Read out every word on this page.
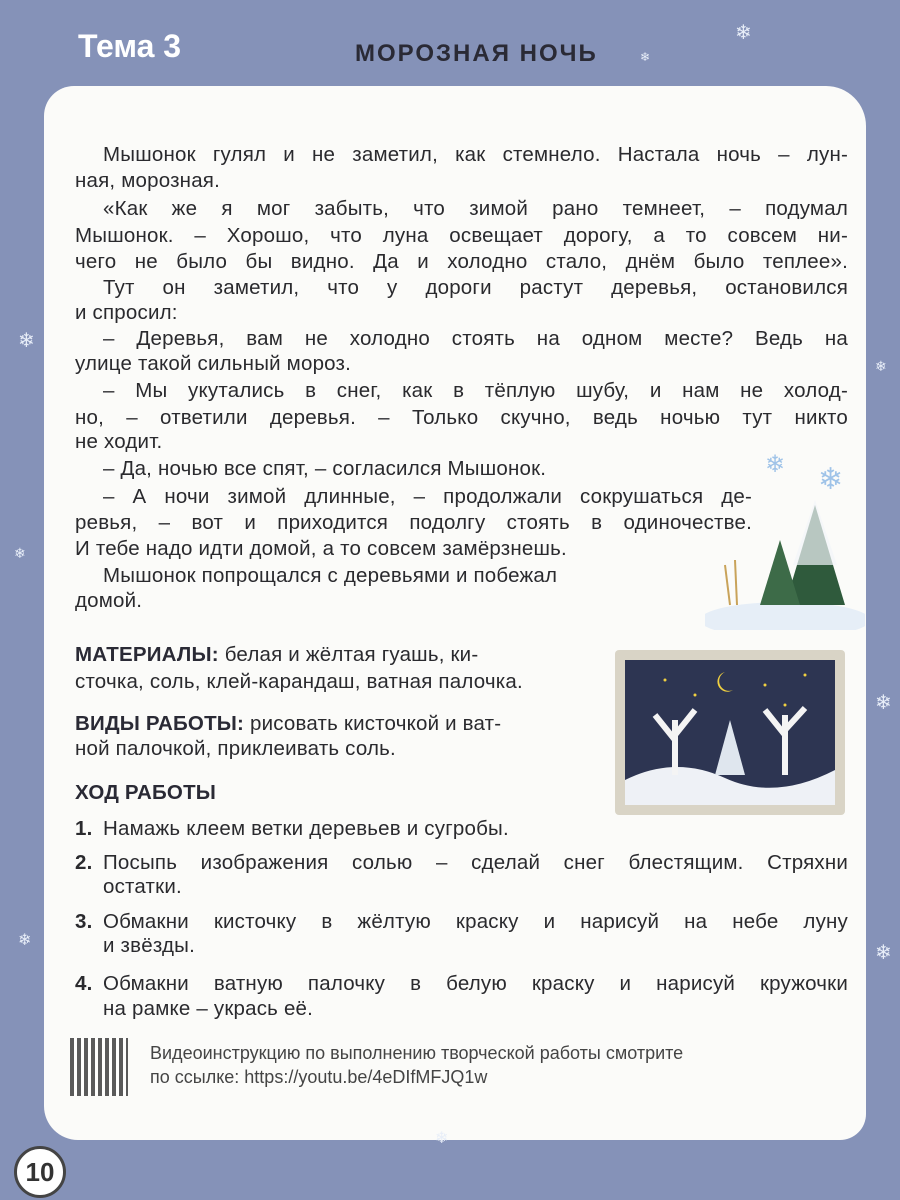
Тема 3	МОРОЗНАЯ НОЧЬ
❄
❄
❄
❄
❄
❄
❄
❄
❄
❄ ❄
Мышонок гулял и не заметил, как стемнело. Настала ночь – лун-
ная, морозная.
«Как же я мог забыть, что зимой рано темнеет, – подумал
Мышонок. – Хорошо, что луна освещает дорогу, а то совсем ни-
чего не было бы видно. Да и холодно стало, днём было теплее».
Тут он заметил, что у дороги растут деревья, остановился
и спросил:
– Деревья, вам не холодно стоять на одном месте? Ведь на
улице такой сильный мороз.
– Мы укутались в снег, как в тёплую шубу, и нам не холод-
но, – ответили деревья. – Только скучно, ведь ночью тут никто
не ходит.
– Да, ночью все спят, – согласился Мышонок.
– А ночи зимой длинные, – продолжали сокрушаться де-
ревья, – вот и приходится подолгу стоять в одиночестве.
И тебе надо идти домой, а то совсем замёрзнешь.
Мышонок попрощался с деревьями и побежал
домой.
МАТЕРИАЛЫ: белая и жёлтая гуашь, ки-
сточка, соль, клей-карандаш, ватная палочка.
ВИДЫ РАБОТЫ: рисовать кисточкой и ват-
ной палочкой, приклеивать соль.
ХОД РАБОТЫ
1. Намажь клеем ветки деревьев и сугробы.
2. Посыпь изображения солью – сделай снег блестящим. Стряхни
остатки.
3. Обмакни кисточку в жёлтую краску и нарисуй на небе луну
и звёзды.
4. Обмакни ватную палочку в белую краску и нарисуй кружочки
на рамке – укрась её.
Видеоинструкцию по выполнению творческой работы смотрите
по ссылке: https://youtu.be/4eDIfMFJQ1w
10
